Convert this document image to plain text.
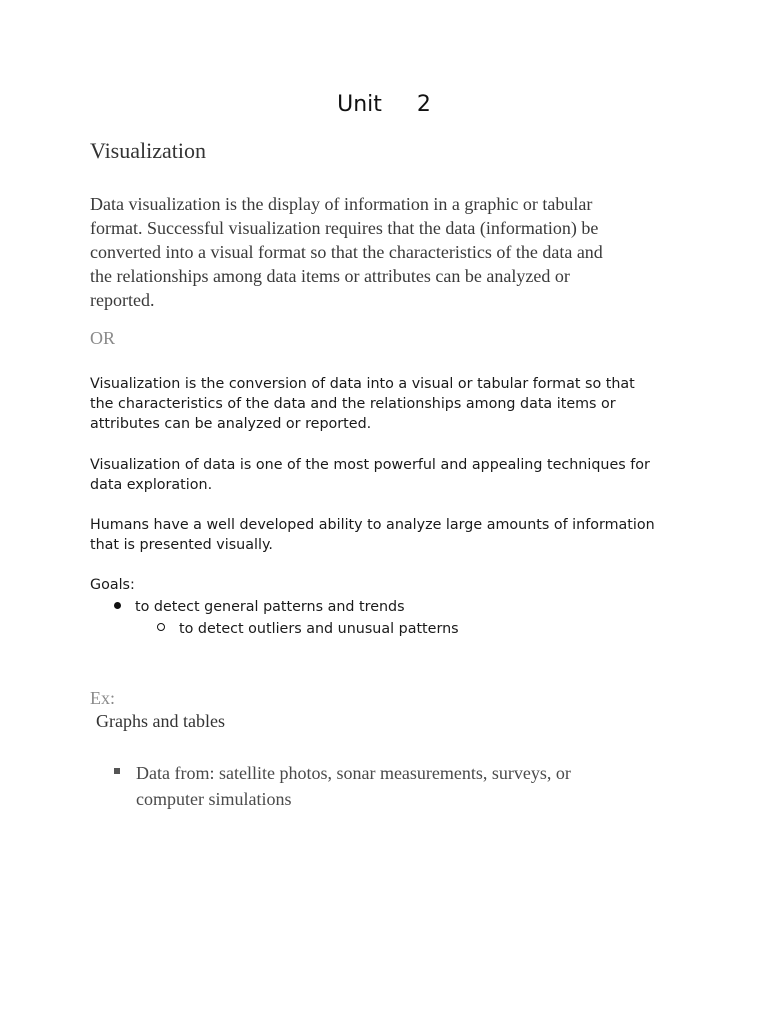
Unit     2
Visualization

Data visualization is the display of information in a graphic or tabular
format. Successful visualization requires that the data (information) be
converted into a visual format so that the characteristics of the data and
the relationships among data items or attributes can be analyzed or
reported.

OR

Visualization is the conversion of data into a visual or tabular format so that
the characteristics of the data and the relationships among data items or
attributes can be analyzed or reported.

Visualization of data is one of the most powerful and appealing techniques for
data exploration.

Humans have a well developed ability to analyze large amounts of information
that is presented visually.

Goals:
to detect general patterns and trends
to detect outliers and unusual patterns
Ex:
Graphs and tables
Data from: satellite photos, sonar measurements, surveys, or
computer simulations
